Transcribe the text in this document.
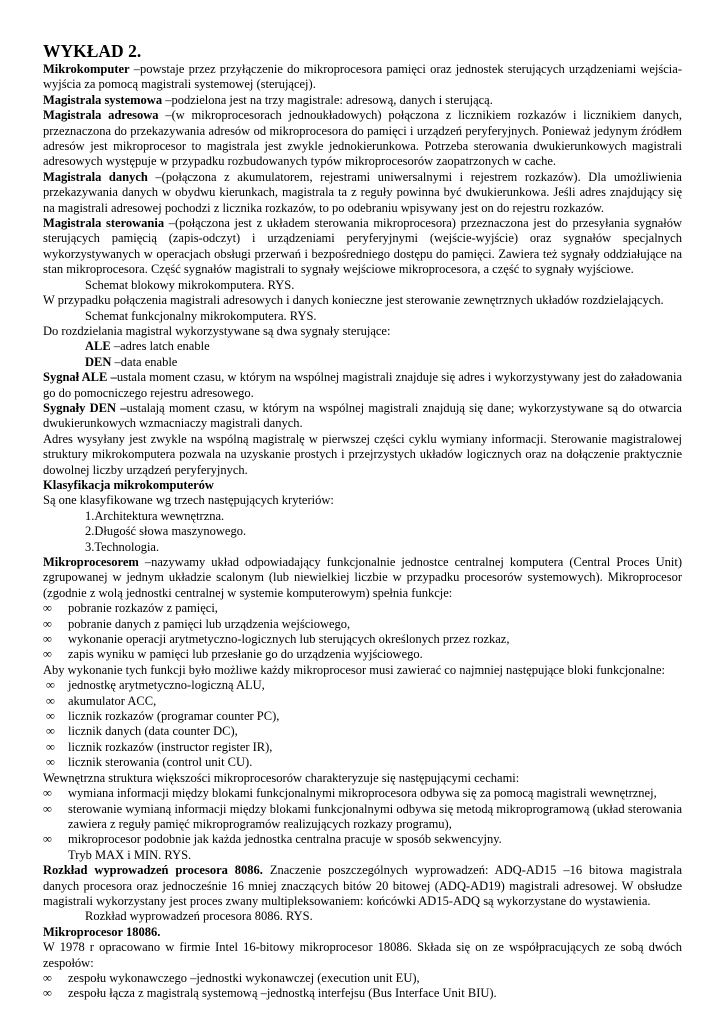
WYKŁAD 2.

Mikrokomputer –powstaje przez przyłączenie do mikroprocesora pamięci oraz jednostek sterujących urządzeniami wejścia-wyjścia za pomocą magistrali systemowej (sterującej).

Magistrala systemowa –podzielona jest na trzy magistrale: adresową, danych i sterującą.

Magistrala adresowa –(w mikroprocesorach jednoukładowych) połączona z licznikiem rozkazów i licznikiem danych, przeznaczona do przekazywania adresów od mikroprocesora do pamięci i urządzeń peryferyjnych. Ponieważ jedynym źródłem adresów jest mikroprocesor to magistrala jest zwykle jednokierunkowa. Potrzeba sterowania dwukierunkowych magistrali adresowych występuje w przypadku rozbudowanych typów mikroprocesorów zaopatrzonych w cache.

Magistrala danych –(połączona z akumulatorem, rejestrami uniwersalnymi i rejestrem rozkazów). Dla umożliwienia przekazywania danych w obydwu kierunkach, magistrala ta z reguły powinna być dwukierunkowa. Jeśli adres znajdujący się na magistrali adresowej pochodzi z licznika rozkazów, to po odebraniu wpisywany jest on do rejestru rozkazów.

Magistrala sterowania –(połączona jest z układem sterowania mikroprocesora) przeznaczona jest do przesyłania sygnałów sterujących pamięcią (zapis-odczyt) i urządzeniami peryferyjnymi (wejście-wyjście) oraz sygnałów specjalnych wykorzystywanych w operacjach obsługi przerwań i bezpośredniego dostępu do pamięci. Zawiera też sygnały oddziałujące na stan mikroprocesora. Część sygnałów magistrali to sygnały wejściowe mikroprocesora, a część to sygnały wyjściowe.

Schemat blokowy mikrokomputera. RYS.

W przypadku połączenia magistrali adresowych i danych konieczne jest sterowanie zewnętrznych układów rozdzielających.

Schemat funkcjonalny mikrokomputera. RYS.

Do rozdzielania magistral wykorzystywane są dwa sygnały sterujące:

ALE –adres latch enable

DEN –data enable

Sygnał ALE –ustala moment czasu, w którym na wspólnej magistrali znajduje się adres i wykorzystywany jest do załadowania go do pomocniczego rejestru adresowego.

Sygnały DEN –ustalają moment czasu, w którym na wspólnej magistrali znajdują się dane; wykorzystywane są do otwarcia dwukierunkowych wzmacniaczy magistrali danych.

Adres wysyłany jest zwykle na wspólną magistralę w pierwszej części cyklu wymiany informacji. Sterowanie magistralowej struktury mikrokomputera pozwala na uzyskanie prostych i przejrzystych układów logicznych oraz na dołączenie praktycznie dowolnej liczby urządzeń peryferyjnych.

Klasyfikacja mikrokomputerów

Są one klasyfikowane wg trzech następujących kryteriów:

1.Architektura wewnętrzna.

2.Długość słowa maszynowego.

3.Technologia.

Mikroprocesorem –nazywamy układ odpowiadający funkcjonalnie jednostce centralnej komputera (Central Proces Unit) zgrupowanej w jednym układzie scalonym (lub niewielkiej liczbie w przypadku procesorów systemowych). Mikroprocesor (zgodnie z wolą jednostki centralnej w systemie komputerowym) spełnia funkcje:

∞ pobranie rozkazów z pamięci,
∞ pobranie danych z pamięci lub urządzenia wejściowego,
∞ wykonanie operacji arytmetyczno-logicznych lub sterujących określonych przez rozkaz,
∞ zapis wyniku w pamięci lub przesłanie go do urządzenia wyjściowego.

Aby wykonanie tych funkcji było możliwe każdy mikroprocesor musi zawierać co najmniej następujące bloki funkcjonalne:

∞ jednostkę arytmetyczno-logiczną ALU,
∞ akumulator ACC,
∞ licznik rozkazów (programar counter PC),
∞ licznik danych (data counter DC),
∞ licznik rozkazów (instructor register IR),
∞ licznik sterowania (control unit CU).

Wewnętrzna struktura większości mikroprocesorów charakteryzuje się następującymi cechami:

∞ wymiana informacji między blokami funkcjonalnymi mikroprocesora odbywa się za pomocą magistrali wewnętrznej,
∞ sterowanie wymianą informacji między blokami funkcjonalnymi odbywa się metodą mikroprogramową (układ sterowania zawiera z reguły pamięć mikroprogramów realizujących rozkazy programu),
∞ mikroprocesor podobnie jak każda jednostka centralna pracuje w sposób sekwencyjny.

Tryb MAX i MIN. RYS.

Rozkład wyprowadzeń procesora 8086. Znaczenie poszczególnych wyprowadzeń: ADQ-AD15 –16 bitowa magistrala danych procesora oraz jednocześnie 16 mniej znaczących bitów 20 bitowej (ADQ-AD19) magistrali adresowej. W obsłudze magistrali wykorzystany jest proces zwany multipleksowaniem: końcówki AD15-ADQ są wykorzystane do wystawienia.

Rozkład wyprowadzeń procesora 8086. RYS.

Mikroprocesor 18086.

W 1978 r opracowano w firmie Intel 16-bitowy mikroprocesor 18086. Składa się on ze współpracujących ze sobą dwóch zespołów:

∞ zespołu wykonawczego –jednostki wykonawczej (execution unit EU),
∞ zespołu łącza z magistralą systemową –jednostką interfejsu (Bus Interface Unit BIU).
